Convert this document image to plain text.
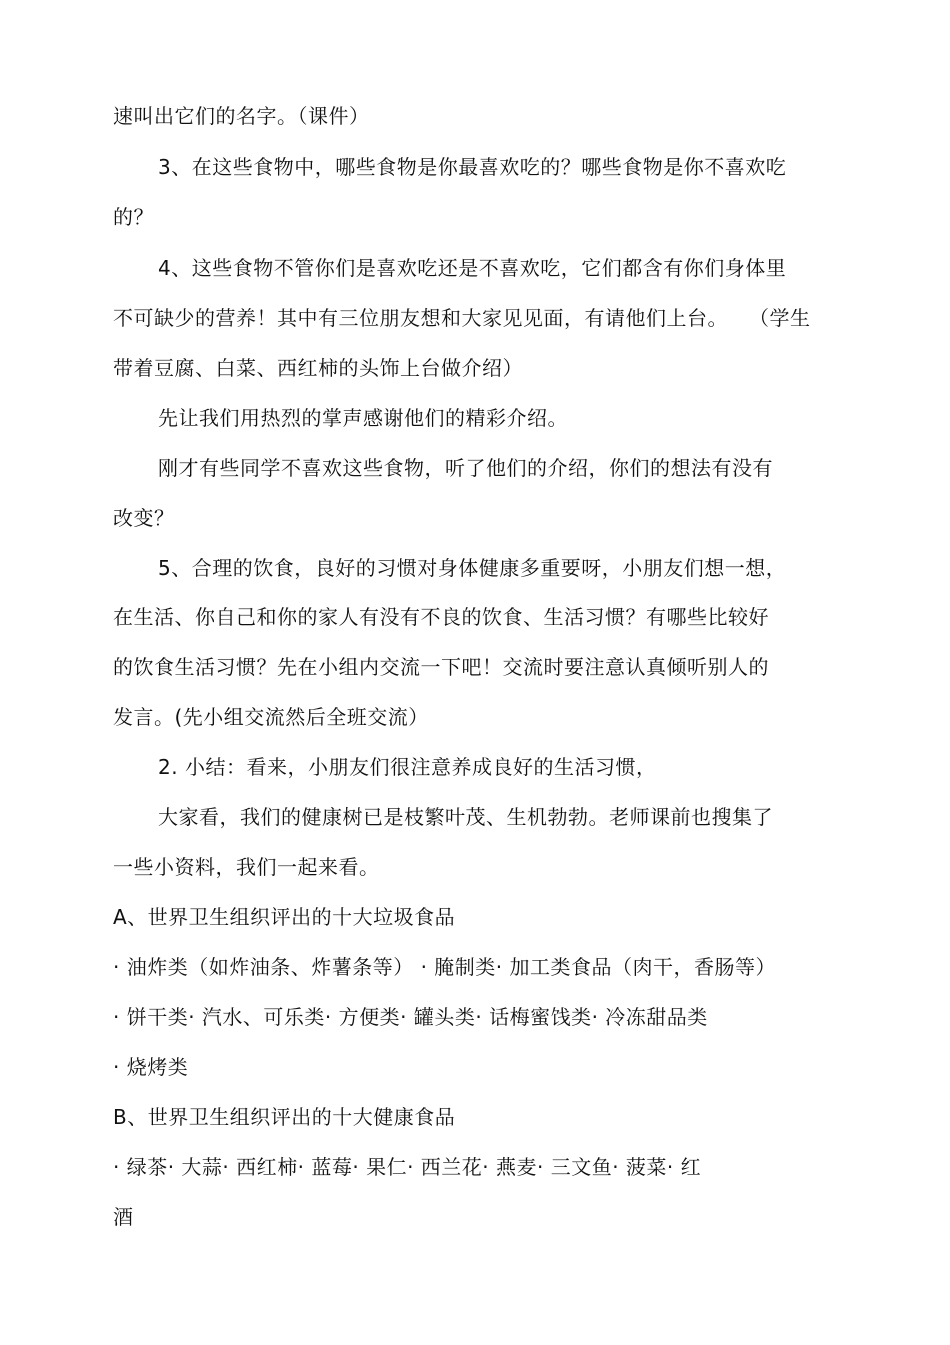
速叫出它们的名字。（课件）
3、在这些食物中，哪些食物是你最喜欢吃的？哪些食物是你不喜欢吃
的？
4、这些食物不管你们是喜欢吃还是不喜欢吃，它们都含有你们身体里
不可缺少的营养！其中有三位朋友想和大家见见面，有请他们上台。　　（学生
带着豆腐、白菜、西红柿的头饰上台做介绍）
先让我们用热烈的掌声感谢他们的精彩介绍。
刚才有些同学不喜欢这些食物，听了他们的介绍，你们的想法有没有
改变？
5、合理的饮食，良好的习惯对身体健康多重要呀，小朋友们想一想，
在生活、你自己和你的家人有没有不良的饮食、生活习惯？有哪些比较好
的饮食生活习惯？先在小组内交流一下吧！交流时要注意认真倾听别人的
发言。(先小组交流然后全班交流）
2. 小结：看来，小朋友们很注意养成良好的生活习惯，
大家看，我们的健康树已是枝繁叶茂、生机勃勃。老师课前也搜集了
一些小资料，我们一起来看。
A、世界卫生组织评出的十大垃圾食品
· 油炸类（如炸油条、炸薯条等） · 腌制类· 加工类食品（肉干，香肠等）
· 饼干类· 汽水、可乐类· 方便类· 罐头类· 话梅蜜饯类· 冷冻甜品类
· 烧烤类
B、世界卫生组织评出的十大健康食品
· 绿茶· 大蒜· 西红柿· 蓝莓· 果仁· 西兰花· 燕麦· 三文鱼· 菠菜· 红
酒
